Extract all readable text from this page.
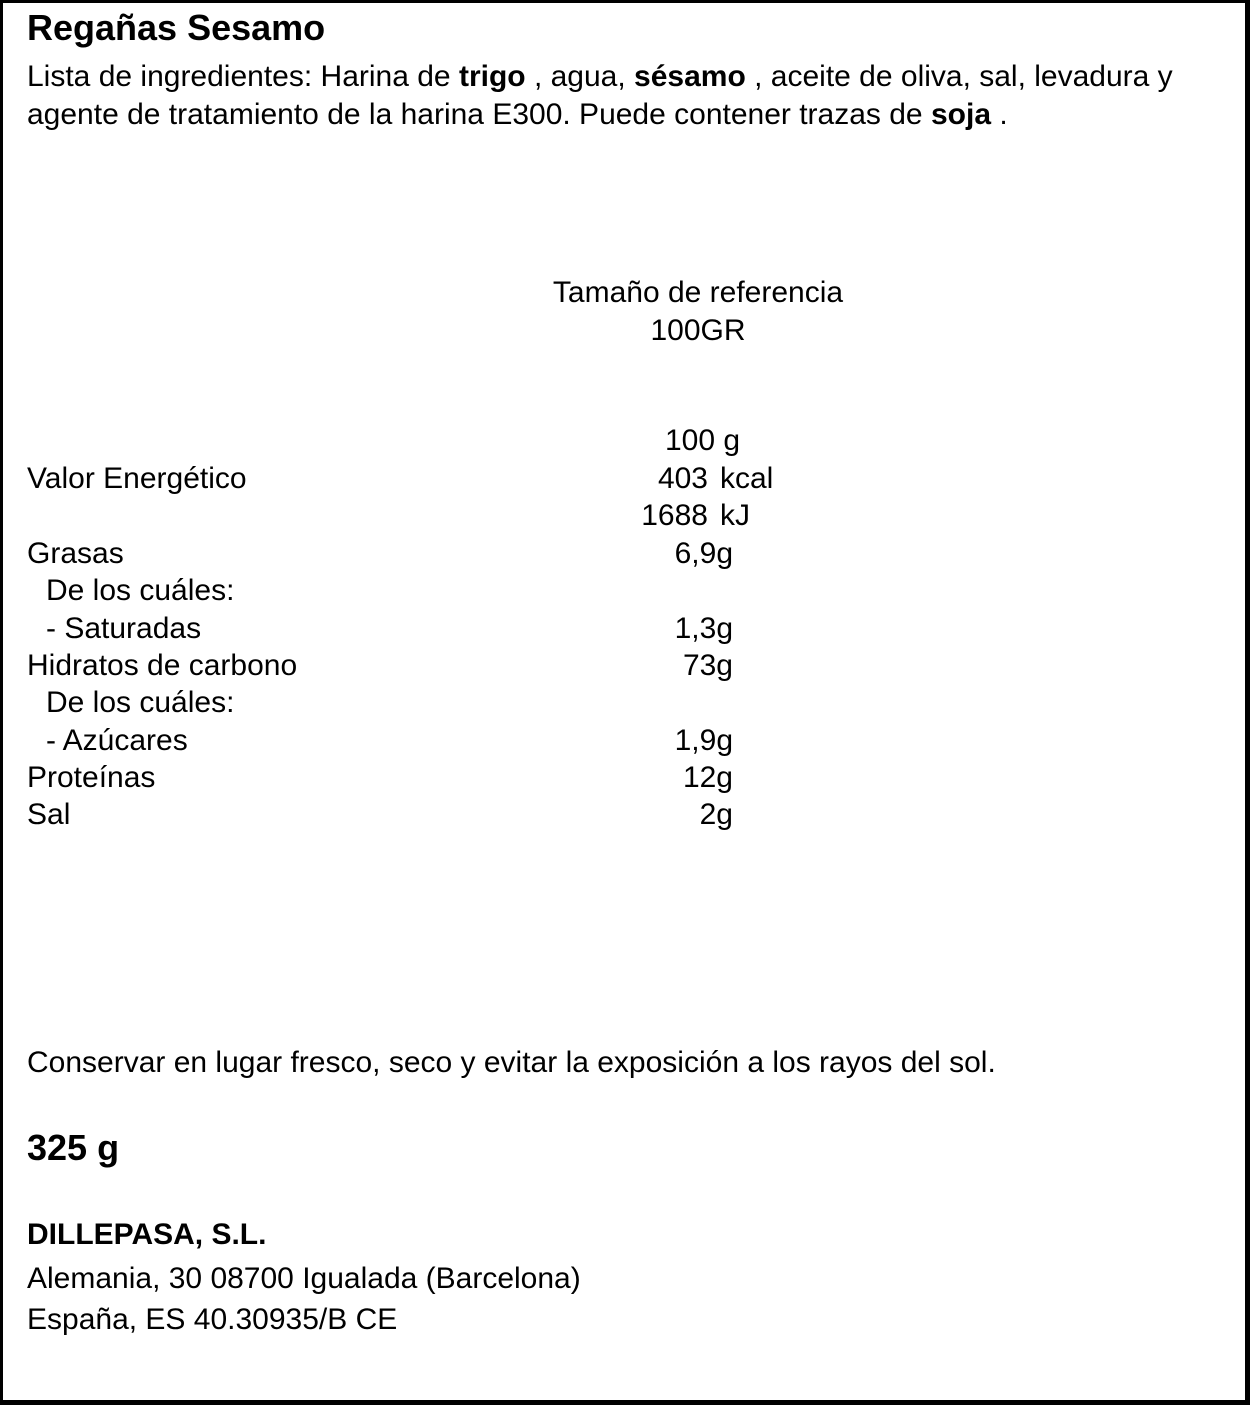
Regañas Sesamo
Lista de ingredientes: Harina de trigo , agua, sésamo , aceite de oliva, sal, levadura y agente de tratamiento de la harina E300. Puede contener trazas de soja .
Tamaño de referencia
100GR
100 g
Valor Energético	403 kcal
1688 kJ
Grasas	6,9g
De los cuáles:
- Saturadas	1,3g
Hidratos de carbono	73g
De los cuáles:
- Azúcares	1,9g
Proteínas	12g
Sal	2g
Conservar en lugar fresco, seco y evitar la exposición a los rayos del sol.
325 g
DILLEPASA, S.L.
Alemania, 30 08700 Igualada (Barcelona)
España, ES 40.30935/B CE
